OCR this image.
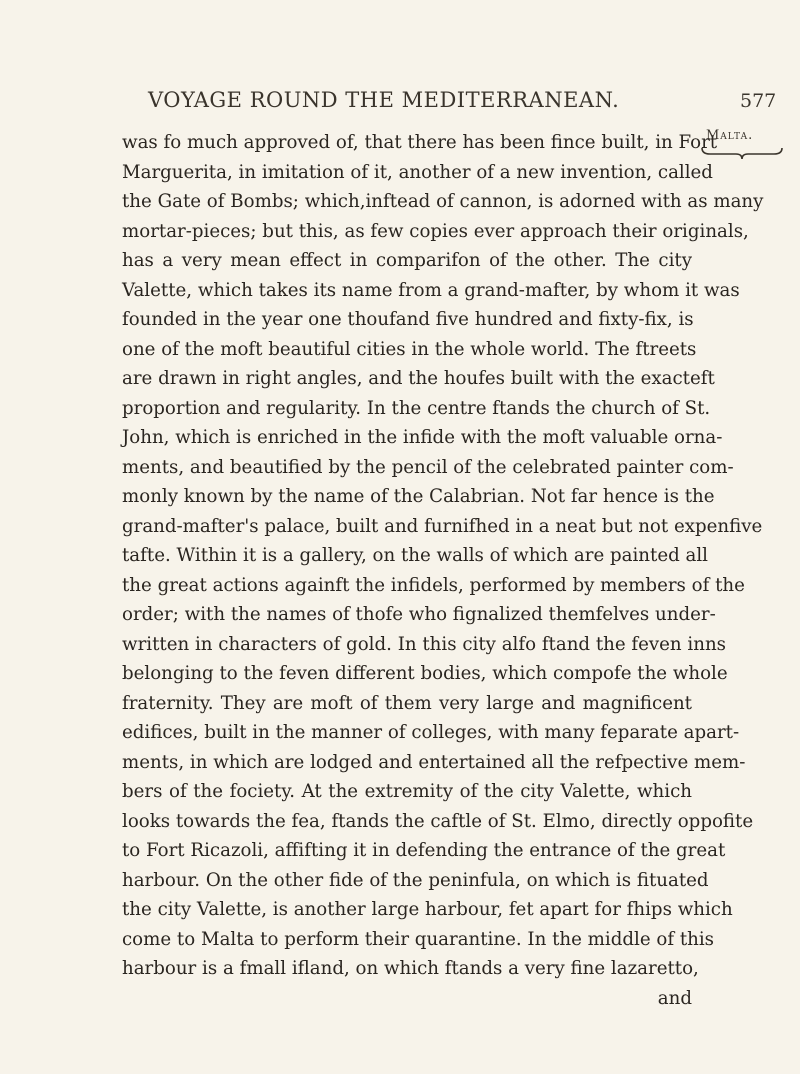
VOYAGE ROUND THE MEDITERRANEAN.	577
Malta.
was fo much approved of, that there has been fince built, in Fort
Marguerita, in imitation of it, another of a new invention, called
the Gate of Bombs; which,inftead of cannon, is adorned with as many
mortar-pieces; but this, as few copies ever approach their originals,
has a very mean effect in comparifon of the other. The city
Valette, which takes its name from a grand-mafter, by whom it was
founded in the year one thoufand five hundred and fixty-fix, is
one of the moft beautiful cities in the whole world. The ftreets
are drawn in right angles, and the houfes built with the exacteft
proportion and regularity. In the centre ftands the church of St.
John, which is enriched in the infide with the moft valuable orna-
ments, and beautified by the pencil of the celebrated painter com-
monly known by the name of the Calabrian. Not far hence is the
grand-mafter's palace, built and furnifhed in a neat but not expenfive
tafte. Within it is a gallery, on the walls of which are painted all
the great actions againft the infidels, performed by members of the
order; with the names of thofe who fignalized themfelves under-
written in characters of gold. In this city alfo ftand the feven inns
belonging to the feven different bodies, which compofe the whole
fraternity. They are moft of them very large and magnificent
edifices, built in the manner of colleges, with many feparate apart-
ments, in which are lodged and entertained all the refpective mem-
bers of the fociety. At the extremity of the city Valette, which
looks towards the fea, ftands the caftle of St. Elmo, directly oppofite
to Fort Ricazoli, affifting it in defending the entrance of the great
harbour. On the other fide of the peninfula, on which is fituated
the city Valette, is another large harbour, fet apart for fhips which
come to Malta to perform their quarantine. In the middle of this
harbour is a fmall ifland, on which ftands a very fine lazaretto,
and
